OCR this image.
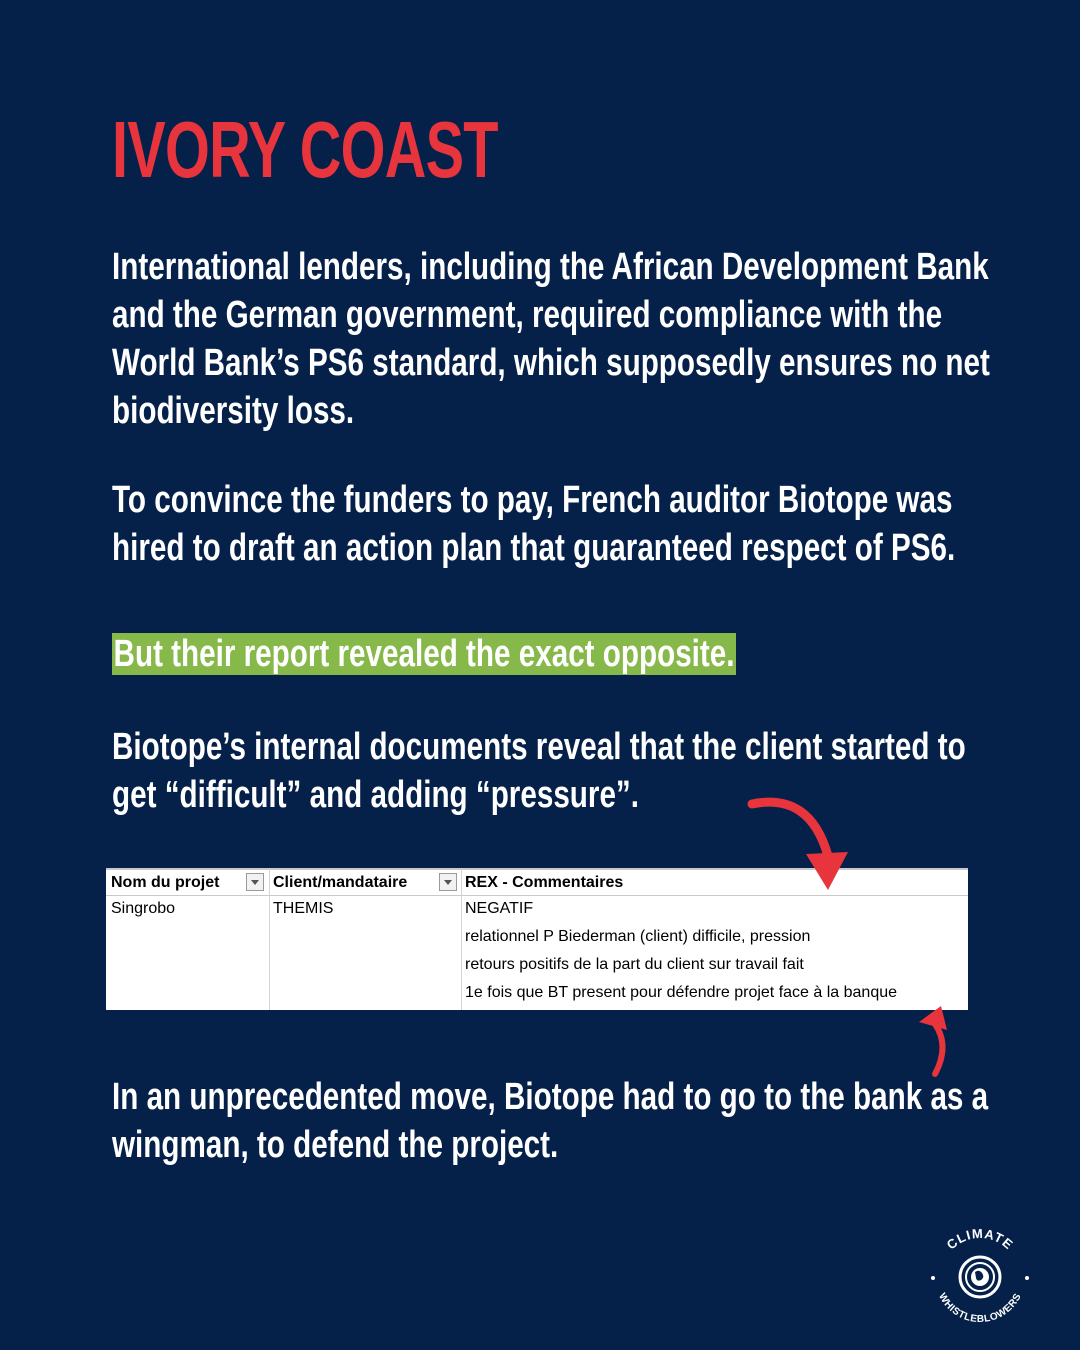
IVORY COAST
International lenders, including the African Development Bank
and the German government, required compliance with the
World Bank’s PS6 standard, which supposedly ensures no net
biodiversity loss.
To convince the funders to pay, French auditor Biotope was
hired to draft an action plan that guaranteed respect of PS6.
But their report revealed the exact opposite.
Biotope’s internal documents reveal that the client started to
get “difficult” and adding “pressure”.
Nom du projet	Client/mandataire	REX - Commentaires
Singrobo	THEMIS	NEGATIF
relationnel P Biederman (client) difficile, pression
retours positifs de la part du client sur travail fait
1e fois que BT present pour défendre projet face à la banque
In an unprecedented move, Biotope had to go to the bank as a
wingman, to defend the project.
CLIMATE
WHISTLEBLOWERS
